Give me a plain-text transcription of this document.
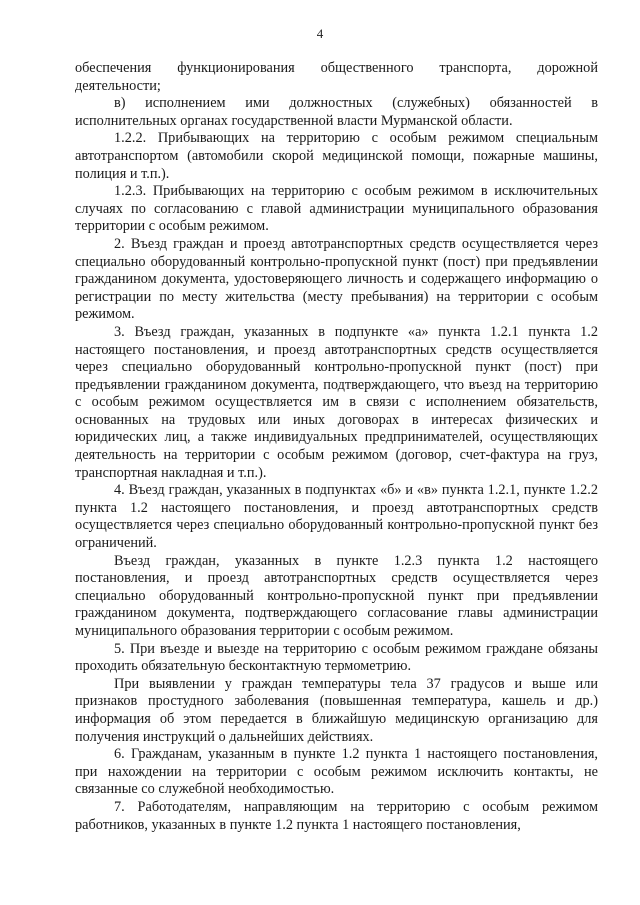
4

обеспечения функционирования общественного транспорта, дорожной деятельности;

в) исполнением ими должностных (служебных) обязанностей в исполнительных органах государственной власти Мурманской области.

1.2.2. Прибывающих на территорию с особым режимом специальным автотранспортом (автомобили скорой медицинской помощи, пожарные машины, полиция и т.п.).

1.2.3. Прибывающих на территорию с особым режимом в исключительных случаях по согласованию с главой администрации муниципального образования территории с особым режимом.

2. Въезд граждан и проезд автотранспортных средств осуществляется через специально оборудованный контрольно-пропускной пункт (пост) при предъявлении гражданином документа, удостоверяющего личность и содержащего информацию о регистрации по месту жительства (месту пребывания) на территории с особым режимом.

3. Въезд граждан, указанных в подпункте «а» пункта 1.2.1 пункта 1.2 настоящего постановления, и проезд автотранспортных средств осуществляется через специально оборудованный контрольно-пропускной пункт (пост) при предъявлении гражданином документа, подтверждающего, что въезд на территорию с особым режимом осуществляется им в связи с исполнением обязательств, основанных на трудовых или иных договорах в интересах физических и юридических лиц, а также индивидуальных предпринимателей, осуществляющих деятельность на территории с особым режимом (договор, счет-фактура на груз, транспортная накладная и т.п.).

4. Въезд граждан, указанных в подпунктах «б» и «в» пункта 1.2.1, пункте 1.2.2 пункта 1.2 настоящего постановления, и проезд автотранспортных средств осуществляется через специально оборудованный контрольно-пропускной пункт без ограничений.

Въезд граждан, указанных в пункте 1.2.3 пункта 1.2 настоящего постановления, и проезд автотранспортных средств осуществляется через специально оборудованный контрольно-пропускной пункт при предъявлении гражданином документа, подтверждающего согласование главы администрации муниципального образования территории с особым режимом.

5. При въезде и выезде на территорию с особым режимом граждане обязаны проходить обязательную бесконтактную термометрию.

При выявлении у граждан температуры тела 37 градусов и выше или признаков простудного заболевания (повышенная температура, кашель и др.) информация об этом передается в ближайшую медицинскую организацию для получения инструкций о дальнейших действиях.

6. Гражданам, указанным в пункте 1.2 пункта 1 настоящего постановления, при нахождении на территории с особым режимом исключить контакты, не связанные со служебной необходимостью.

7. Работодателям, направляющим на территорию с особым режимом работников, указанных в пункте 1.2 пункта 1 настоящего постановления,
